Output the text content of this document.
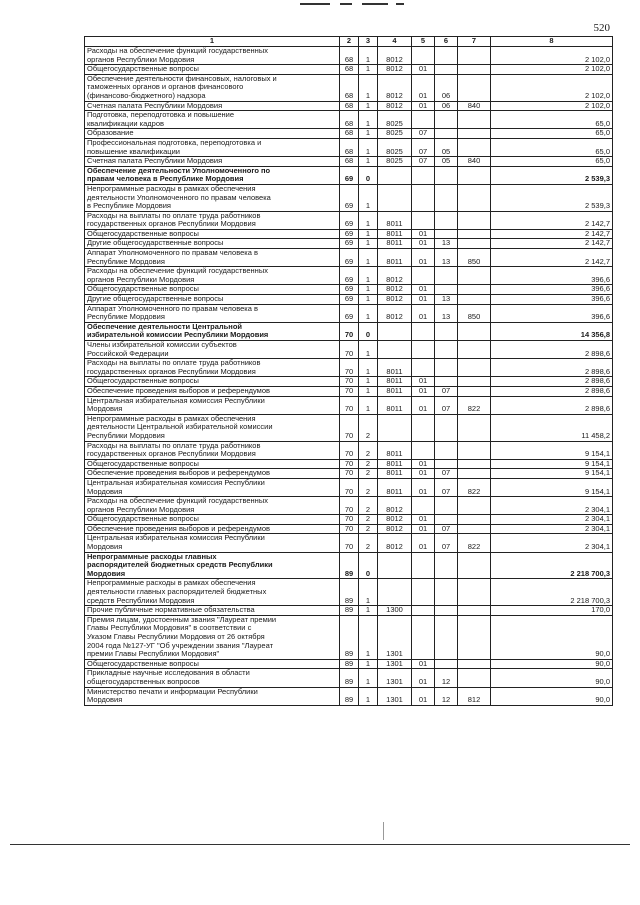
520
1	2	3	4	5	6	7	8
Расходы на обеспечение функций государственных
органов Республики Мордовия	68	1	8012				2 102,0
Общегосударственные вопросы	68	1	8012	01			2 102,0
Обеспечение деятельности финансовых, налоговых и
таможенных органов и органов финансового
(финансово-бюджетного) надзора	68	1	8012	01	06		2 102,0
Счетная палата Республики Мордовия	68	1	8012	01	06	840	2 102,0
Подготовка, переподготовка и повышение
квалификации кадров	68	1	8025				65,0
Образование	68	1	8025	07			65,0
Профессиональная подготовка, переподготовка и
повышение квалификации	68	1	8025	07	05		65,0
Счетная палата Республики Мордовия	68	1	8025	07	05	840	65,0
Обеспечение деятельности Уполномоченного по
правам человека в Республике Мордовия	69	0					2 539,3
Непрограммные расходы в рамках обеспечения
деятельности Уполномоченного по правам человека
в Республике Мордовия	69	1					2 539,3
Расходы на выплаты по оплате труда работников
государственных органов Республики Мордовия	69	1	8011				2 142,7
Общегосударственные вопросы	69	1	8011	01			2 142,7
Другие общегосударственные вопросы	69	1	8011	01	13		2 142,7
Аппарат Уполномоченного по правам человека в
Республике Мордовия	69	1	8011	01	13	850	2 142,7
Расходы на обеспечение функций государственных
органов Республики Мордовия	69	1	8012				396,6
Общегосударственные вопросы	69	1	8012	01			396,6
Другие общегосударственные вопросы	69	1	8012	01	13		396,6
Аппарат Уполномоченного по правам человека в
Республике Мордовия	69	1	8012	01	13	850	396,6
Обеспечение деятельности Центральной
избирательной комиссии Республики Мордовия	70	0					14 356,8
Члены избирательной комиссии субъектов
Российской Федерации	70	1					2 898,6
Расходы на выплаты по оплате труда работников
государственных органов Республики Мордовия	70	1	8011				2 898,6
Общегосударственные вопросы	70	1	8011	01			2 898,6
Обеспечение проведения выборов и референдумов	70	1	8011	01	07		2 898,6
Центральная избирательная комиссия Республики
Мордовия	70	1	8011	01	07	822	2 898,6
Непрограммные расходы в рамках обеспечения
деятельности Центральной избирательной комиссии
Республики Мордовия	70	2					11 458,2
Расходы на выплаты по оплате труда работников
государственных органов Республики Мордовия	70	2	8011				9 154,1
Общегосударственные вопросы	70	2	8011	01			9 154,1
Обеспечение проведения выборов и референдумов	70	2	8011	01	07		9 154,1
Центральная избирательная комиссия Республики
Мордовия	70	2	8011	01	07	822	9 154,1
Расходы на обеспечение функций государственных
органов Республики Мордовия	70	2	8012				2 304,1
Общегосударственные вопросы	70	2	8012	01			2 304,1
Обеспечение проведения выборов и референдумов	70	2	8012	01	07		2 304,1
Центральная избирательная комиссия Республики
Мордовия	70	2	8012	01	07	822	2 304,1
Непрограммные расходы главных
распорядителей бюджетных средств Республики
Мордовия	89	0					2 218 700,3
Непрограммные расходы в рамках обеспечения
деятельности главных распорядителей бюджетных
средств Республики Мордовия	89	1					2 218 700,3
Прочие публичные нормативные обязательства	89	1	1300				170,0
Премия лицам, удостоенным звания "Лауреат премии
Главы Республики Мордовия" в соответствии с
Указом Главы Республики Мордовия от 26 октября
2004 года №127-УГ "Об учреждении звания "Лауреат
премии Главы Республики Мордовия"	89	1	1301				90,0
Общегосударственные вопросы	89	1	1301	01			90,0
Прикладные научные исследования в области
общегосударственных вопросов	89	1	1301	01	12		90,0
Министерство печати и информации Республики
Мордовия	89	1	1301	01	12	812	90,0
